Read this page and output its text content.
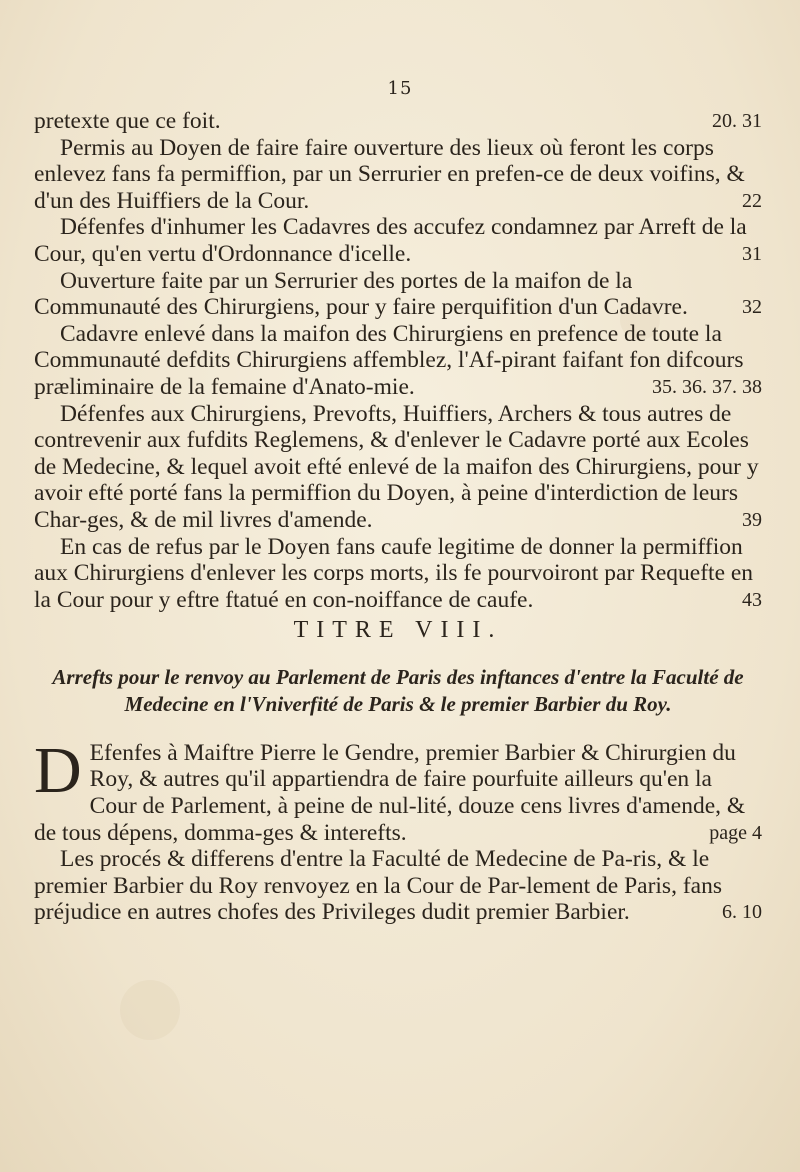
15

pretexte que ce foit.	20. 31

Permis au Doyen de faire faire ouverture des lieux où feront les corps enlevez fans fa permiffion, par un Serrurier en prefen-ce de deux voifins, & d'un des Huiffiers de la Cour.	22

Défenfes d'inhumer les Cadavres des accufez condamnez par Arreft de la Cour, qu'en vertu d'Ordonnance d'icelle.	31

Ouverture faite par un Serrurier des portes de la maifon de la Communauté des Chirurgiens, pour y faire perquifition d'un Cadavre.	32

Cadavre enlevé dans la maifon des Chirurgiens en prefence de toute la Communauté defdits Chirurgiens affemblez, l'Af-pirant faifant fon difcours præliminaire de la femaine d'Anato-mie.	35. 36. 37. 38

Défenfes aux Chirurgiens, Prevofts, Huiffiers, Archers & tous autres de contrevenir aux fufdits Reglemens, & d'enlever le Cadavre porté aux Ecoles de Medecine, & lequel avoit efté enlevé de la maifon des Chirurgiens, pour y avoir efté porté fans la permiffion du Doyen, à peine d'interdiction de leurs Char-ges, & de mil livres d'amende.	39

En cas de refus par le Doyen fans caufe legitime de donner la permiffion aux Chirurgiens d'enlever les corps morts, ils fe pourvoiront par Requefte en la Cour pour y eftre ftatué en con-noiffance de caufe.	43

TITRE VIII.
Arrefts pour le renvoy au Parlement de Paris des inftances d'entre la Faculté de Medecine en l'Vniverfité de Paris & le premier Barbier du Roy.

D Efenfes à Maiftre Pierre le Gendre, premier Barbier & Chirurgien du Roy, & autres qu'il appartiendra de faire pourfuite ailleurs qu'en la Cour de Parlement, à peine de nul-lité, douze cens livres d'amende, & de tous dépens, domma-ges & interefts.	page 4

Les procés & differens d'entre la Faculté de Medecine de Pa-ris, & le premier Barbier du Roy renvoyez en la Cour de Par-lement de Paris, fans préjudice en autres chofes des Privileges dudit premier Barbier.	6. 10
